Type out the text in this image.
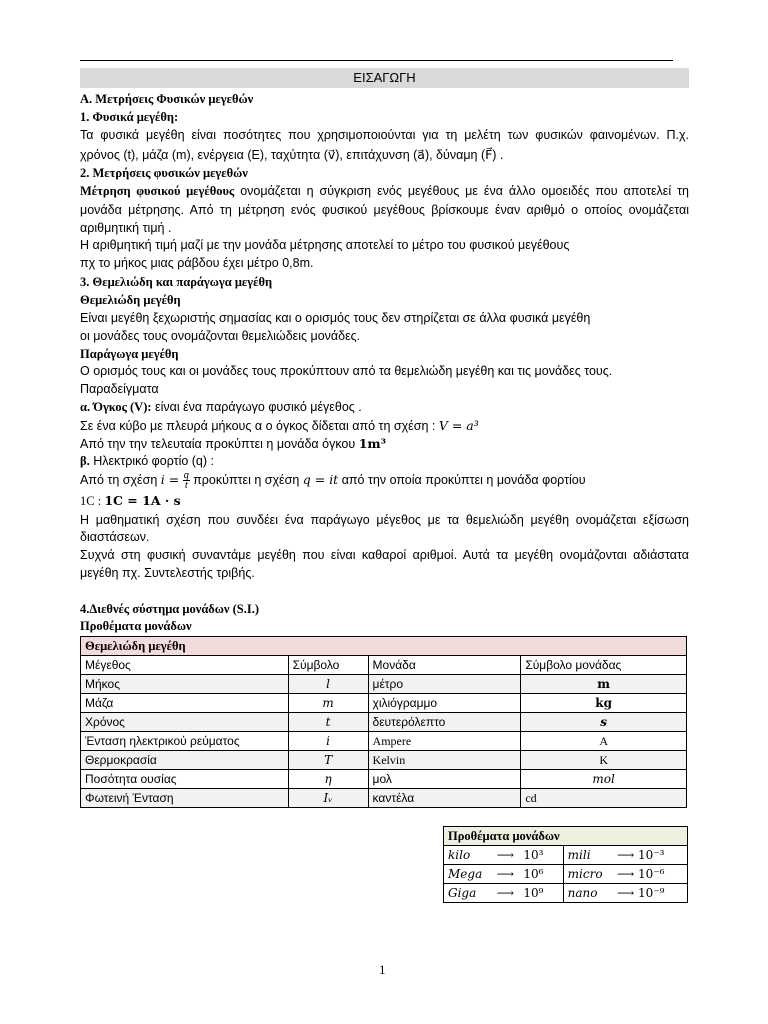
ΕΙΣΑΓΩΓΗ
Α. Μετρήσεις Φυσικών μεγεθών
1. Φυσικά μεγέθη:
Τα φυσικά μεγέθη είναι ποσότητες που χρησιμοποιούνται για τη μελέτη των φυσικών φαινομένων. Π.χ.
χρόνος (t), μάζα (m), ενέργεια (E), ταχύτητα (v⃗), επιτάχυνση (a⃗), δύναμη (F⃗) .
2. Μετρήσεις φυσικών μεγεθών
Μέτρηση φυσικού μεγέθους ονομάζεται η σύγκριση ενός μεγέθους με ένα άλλο ομοειδές που αποτελεί τη
μονάδα μέτρησης. Από τη μέτρηση ενός φυσικού μεγέθους βρίσκουμε έναν αριθμό ο οποίος ονομάζεται
αριθμητική τιμή .
Η αριθμητική τιμή μαζί με την μονάδα μέτρησης αποτελεί το μέτρο του φυσικού μεγέθους
πχ το μήκος μιας ράβδου έχει μέτρο 0,8m.
3. Θεμελιώδη και παράγωγα μεγέθη
Θεμελιώδη μεγέθη
Είναι μεγέθη ξεχωριστής σημασίας και ο ορισμός τους δεν στηρίζεται σε άλλα φυσικά μεγέθη
οι μονάδες τους ονομάζονται θεμελιώδεις μονάδες.
Παράγωγα μεγέθη
Ο ορισμός τους και οι μονάδες τους προκύπτουν από τα θεμελιώδη μεγέθη και τις μονάδες τους.
Παραδείγματα
α. Όγκος (V): είναι ένα παράγωγο φυσικό μέγεθος .
Σε ένα κύβο με πλευρά μήκους α ο όγκος δίδεται από τη σχέση : V = a³
Από την την τελευταία προκύπτει η μονάδα όγκου 1m³
β. Ηλεκτρικό φορτίο (q) :
Από τη σχέση $i = \frac{q}{t}$ προκύπτει η σχέση q = it από την οποία προκύπτει η μονάδα φορτίου
1C : 1C = 1A · s
Η μαθηματική σχέση που συνδέει ένα παράγωγο μέγεθος με τα θεμελιώδη μεγέθη ονομάζεται εξίσωση
διαστάσεων.
Συχνά στη φυσική συναντάμε μεγέθη που είναι καθαροί αριθμοί. Αυτά τα μεγέθη ονομάζονται αδιάστατα
μεγέθη πχ. Συντελεστής τριβής.
4.Διεθνές σύστημα μονάδων (S.I.)
Προθέματα μονάδων
Θεμελιώδη μεγέθη			
Μέγεθος	Σύμβολο	Μονάδα	Σύμβολο μονάδας
Μήκος	l	μέτρο	m
Μάζα	m	χιλιόγραμμο	kg
Χρόνος	t	δευτερόλεπτο	s
Ένταση ηλεκτρικού ρεύματος	i	Ampere	A
Θερμοκρασία	T	Kelvin	K
Ποσότητα ουσίας	η	μολ	mol
Φωτεινή Ένταση	Iᵥ	καντέλα	cd
Προθέματα μονάδων				
kilo	⟶	10³	mili	⟶ 10⁻³
Mega	⟶	10⁶	micro	⟶ 10⁻⁶
Giga	⟶	10⁹	nano	⟶ 10⁻⁹
1
